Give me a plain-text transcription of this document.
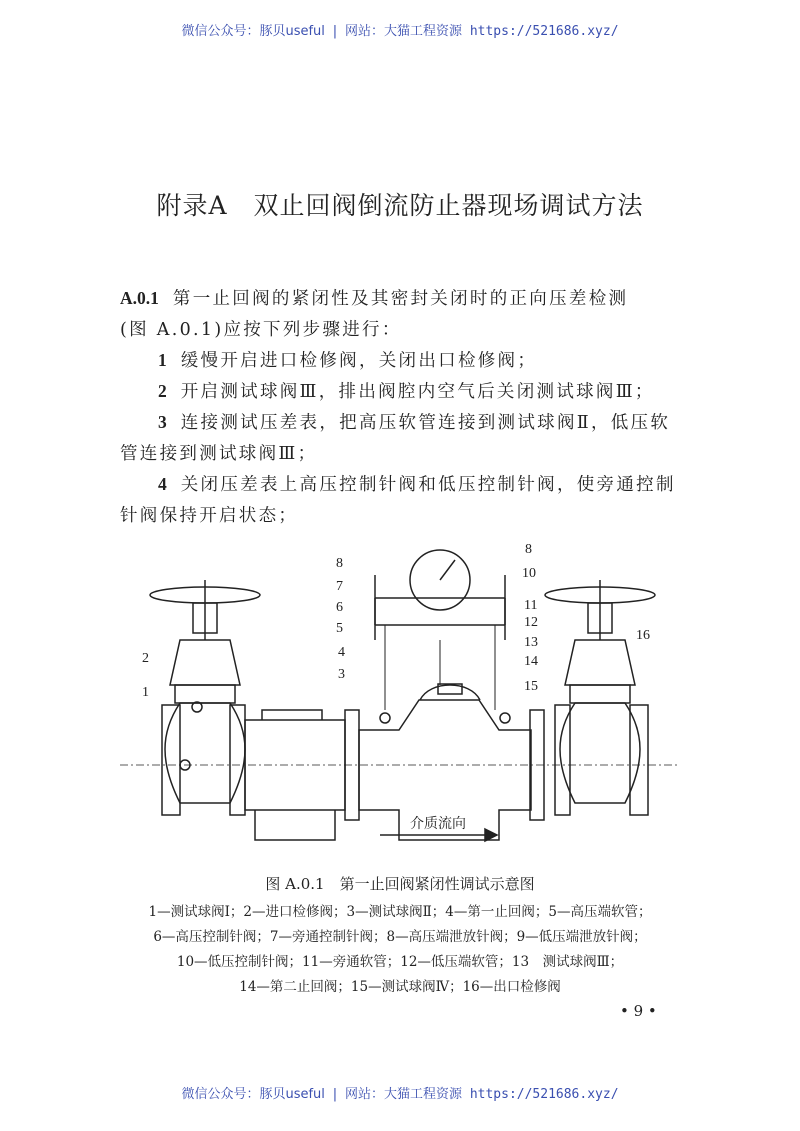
微信公众号：豚贝useful | 网站：大猫工程资源 https://521686.xyz/
附录A　双止回阀倒流防止器现场调试方法
A.0.1 第一止回阀的紧闭性及其密封关闭时的正向压差检测
(图 A.0.1)应按下列步骤进行：
1 缓慢开启进口检修阀，关闭出口检修阀；
2 开启测试球阀Ⅲ，排出阀腔内空气后关闭测试球阀Ⅲ；
3 连接测试压差表，把高压软管连接到测试球阀Ⅱ，低压软
管连接到测试球阀Ⅲ；
4 关闭压差表上高压控制针阀和低压控制针阀，使旁通控制
针阀保持开启状态；
介质流向
8
7
6
5
4
3
2
1
8
10
11
12
13
14
15
16
图 A.0.1　第一止回阀紧闭性调试示意图
1—测试球阀Ⅰ；2—进口检修阀；3—测试球阀Ⅱ；4—第一止回阀；5—高压端软管；
6—高压控制针阀；7—旁通控制针阀；8—高压端泄放针阀；9—低压端泄放针阀；
10—低压控制针阀；11—旁通软管；12—低压端软管；13　测试球阀Ⅲ；
14—第二止回阀；15—测试球阀Ⅳ；16—出口检修阀
• 9 •
微信公众号：豚贝useful | 网站：大猫工程资源 https://521686.xyz/
